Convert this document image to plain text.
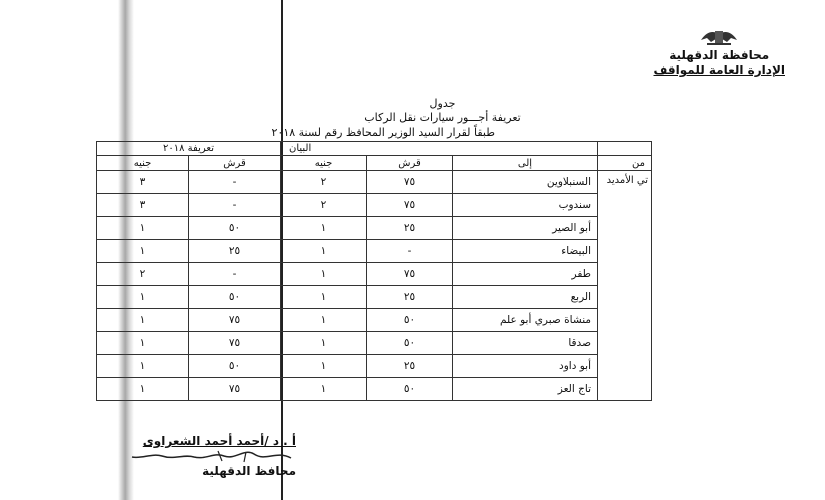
محافظة الدقهلية
الإدارة العامة للمواقف
جدول
تعريفة أجـــور سيارات نقل الركاب
طبقاً لقرار السيد الوزير المحافظ رقم لسنة ٢٠١٨
	البيان			تعريفة ٢٠١٨	
من	إلى	قرش	جنيه	قرش	جنيه
تي الأمديد	السنبلاوين	٧٥	٢	-	٣
	سندوب	٧٥	٢	-	٣
	أبو الصير	٢٥	١	٥٠	١
	البيضاء	-	١	٢٥	١
	طفر	٧٥	١	-	٢
	الربع	٢٥	١	٥٠	١
	منشاة صبري أبو علم	٥٠	١	٧٥	١
	صدقا	٥٠	١	٧٥	١
	أبو داود	٢٥	١	٥٠	١
	تاج العز	٥٠	١	٧٥	١
أ . د /أحمد أحمد الشعراوى
محافظ الدقهلية
